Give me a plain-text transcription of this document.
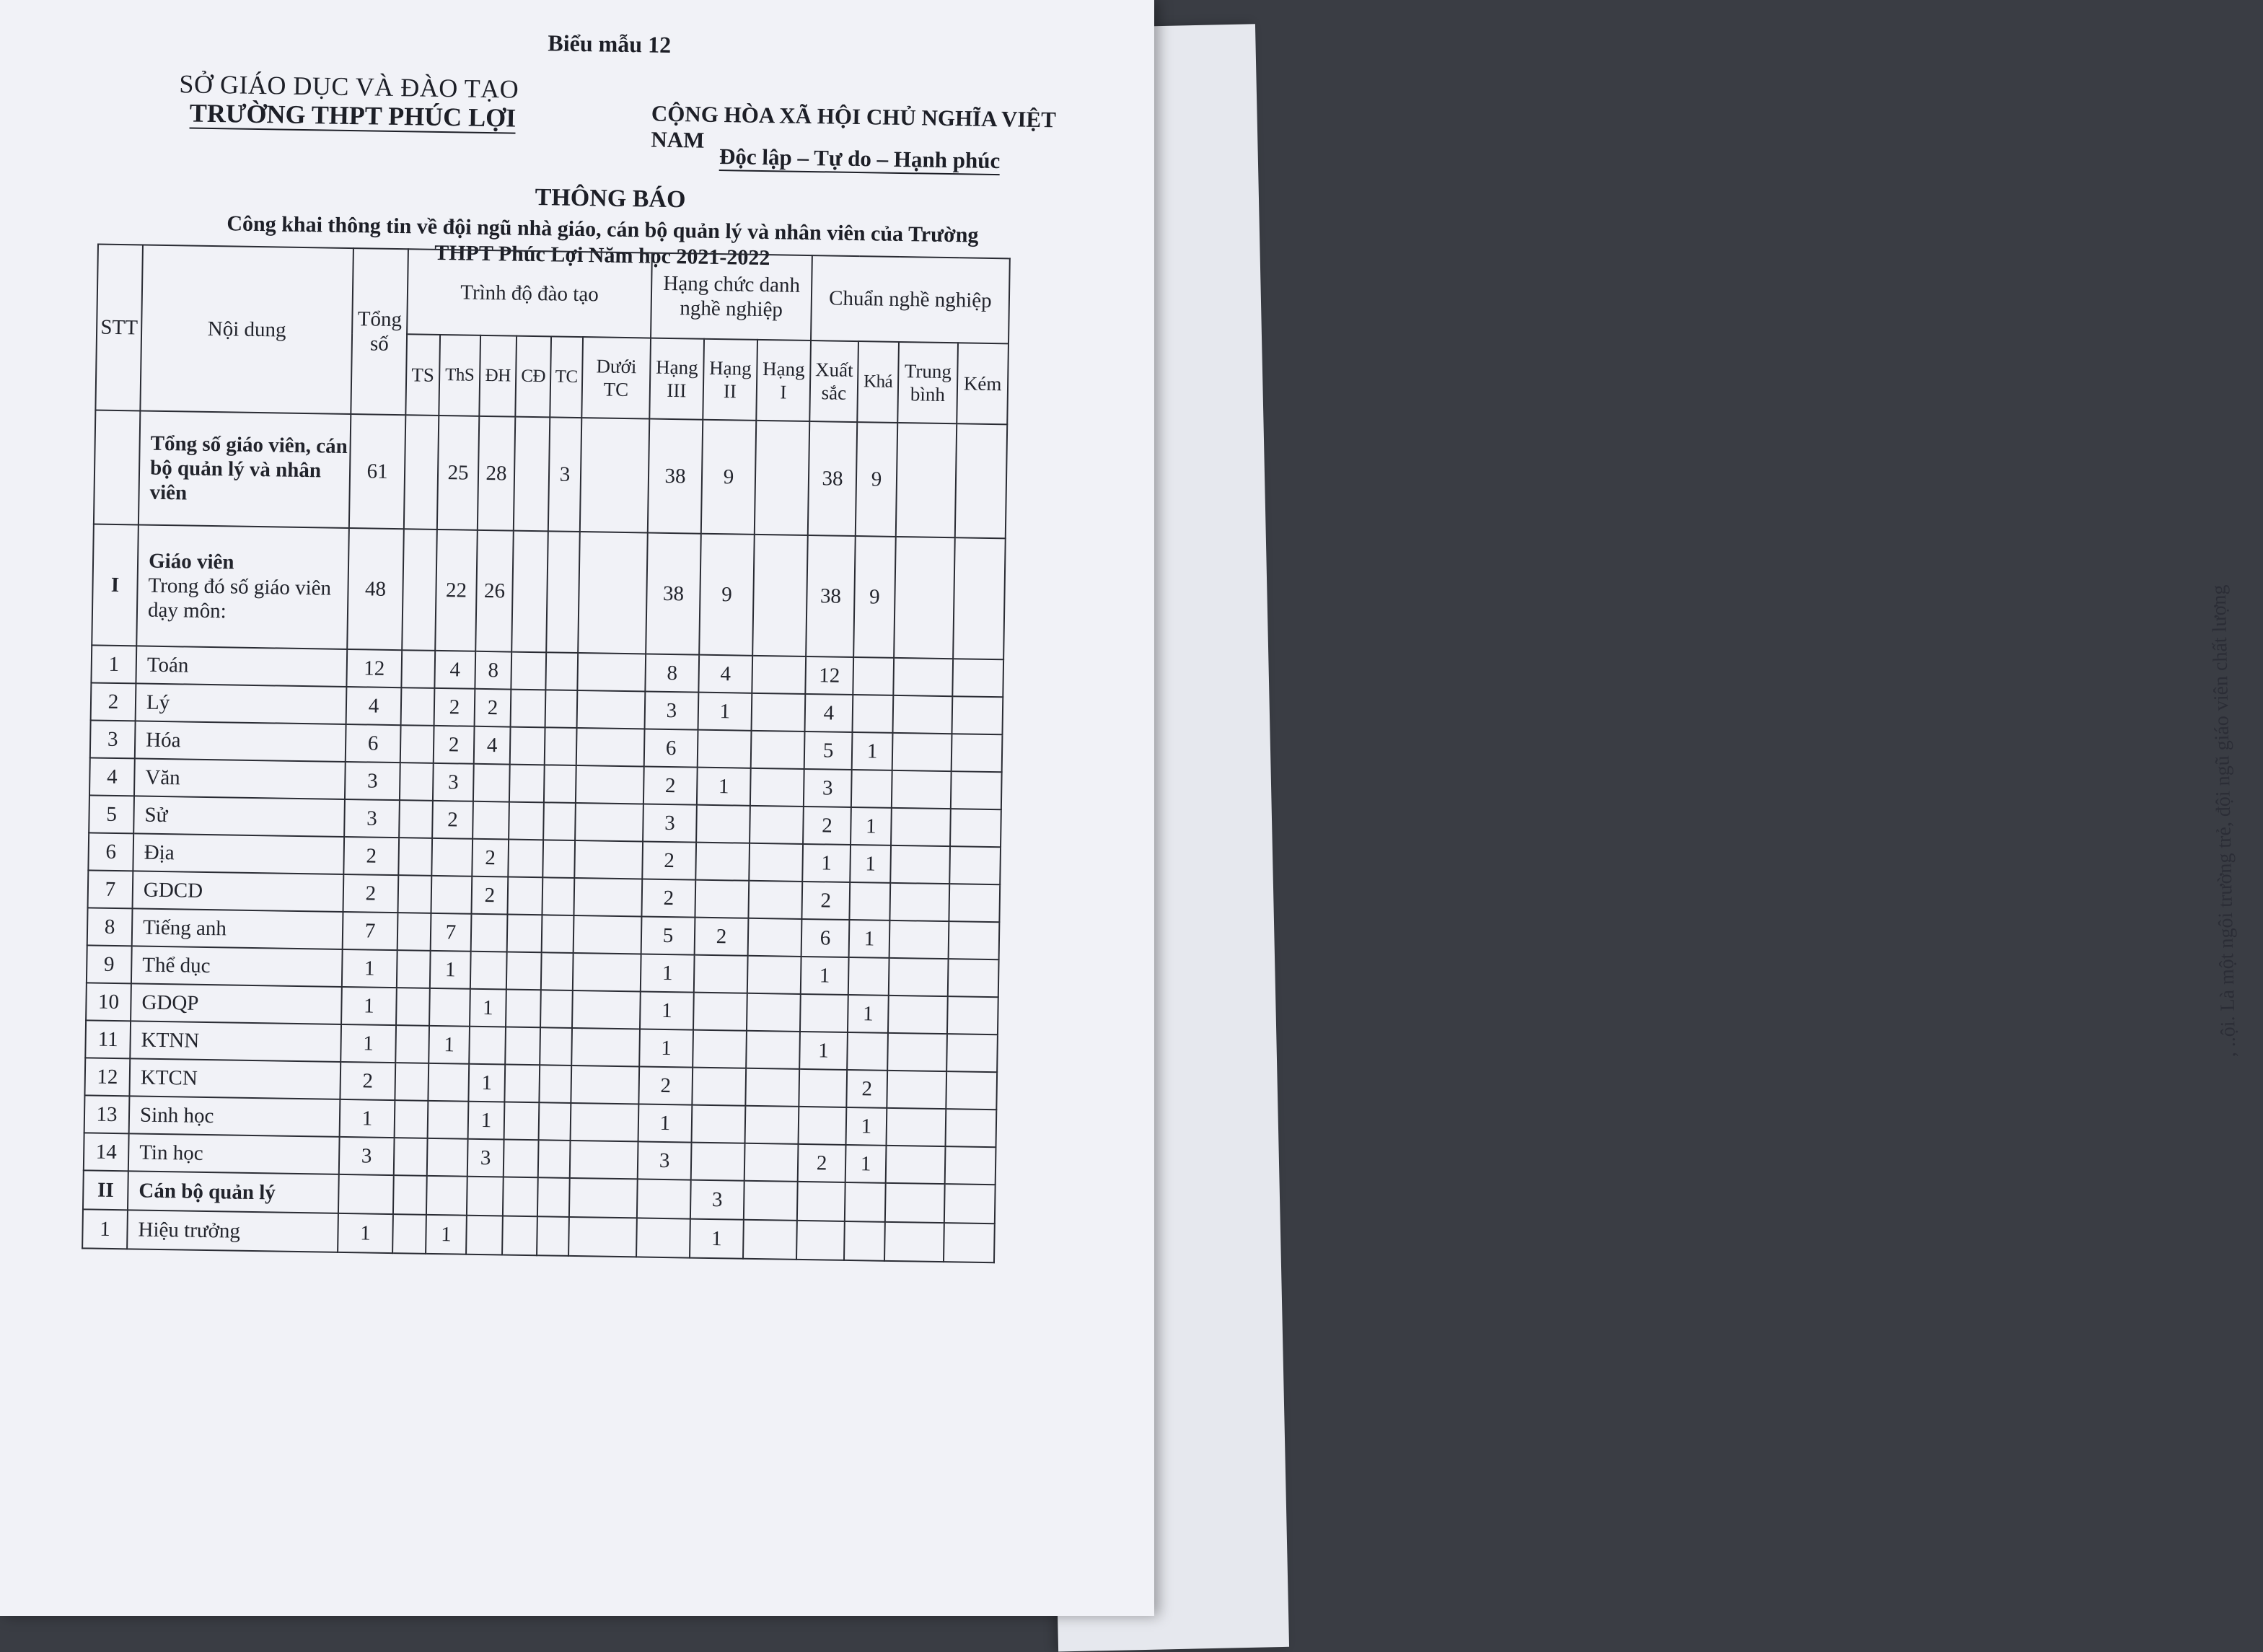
, ..ội. Là một ngôi trường trẻ, đội ngũ giáo viên chất lượng
Biểu mẫu 12
SỞ GIÁO DỤC VÀ ĐÀO TẠO
TRƯỜNG THPT PHÚC LỢI	CỘNG HÒA XÃ HỘI CHỦ NGHĨA VIỆT NAM
Độc lập – Tự do – Hạnh phúc
THÔNG BÁO
Công khai thông tin về đội ngũ nhà giáo, cán bộ quản lý và nhân viên của Trường
THPT Phúc Lợi Năm học 2021-2022
STT	Nội dung	Tổng số	Trình độ đào tạo						Hạng chức danh nghề nghiệp			Chuẩn nghề nghiệp			
			TS	ThS	ĐH	CĐ	TC	Dưới TC	Hạng III	Hạng II	Hạng I	Xuất sắc	Khá	Trung bình	Kém
	Tổng số giáo viên, cán bộ quản lý và nhân viên	61		25	28		3		38	9		38	9		
I	Giáo viên
Trong đó số giáo viên dạy môn:	48		22	26				38	9		38	9		
1	Toán	12		4	8				8	4		12			
2	Lý	4		2	2				3	1		4			
3	Hóa	6		2	4				6			5	1		
4	Văn	3		3					2	1		3			
5	Sử	3		2					3			2	1		
6	Địa	2			2				2			1	1		
7	GDCD	2			2				2			2			
8	Tiếng anh	7		7					5	2		6	1		
9	Thể dục	1		1					1			1			
10	GDQP	1			1				1				1		
11	KTNN	1		1					1			1			
12	KTCN	2			1				2				2		
13	Sinh học	1			1				1				1		
14	Tin học	3			3				3			2	1		
II	Cán bộ quản lý									3					
1	Hiệu trưởng	1		1						1					
